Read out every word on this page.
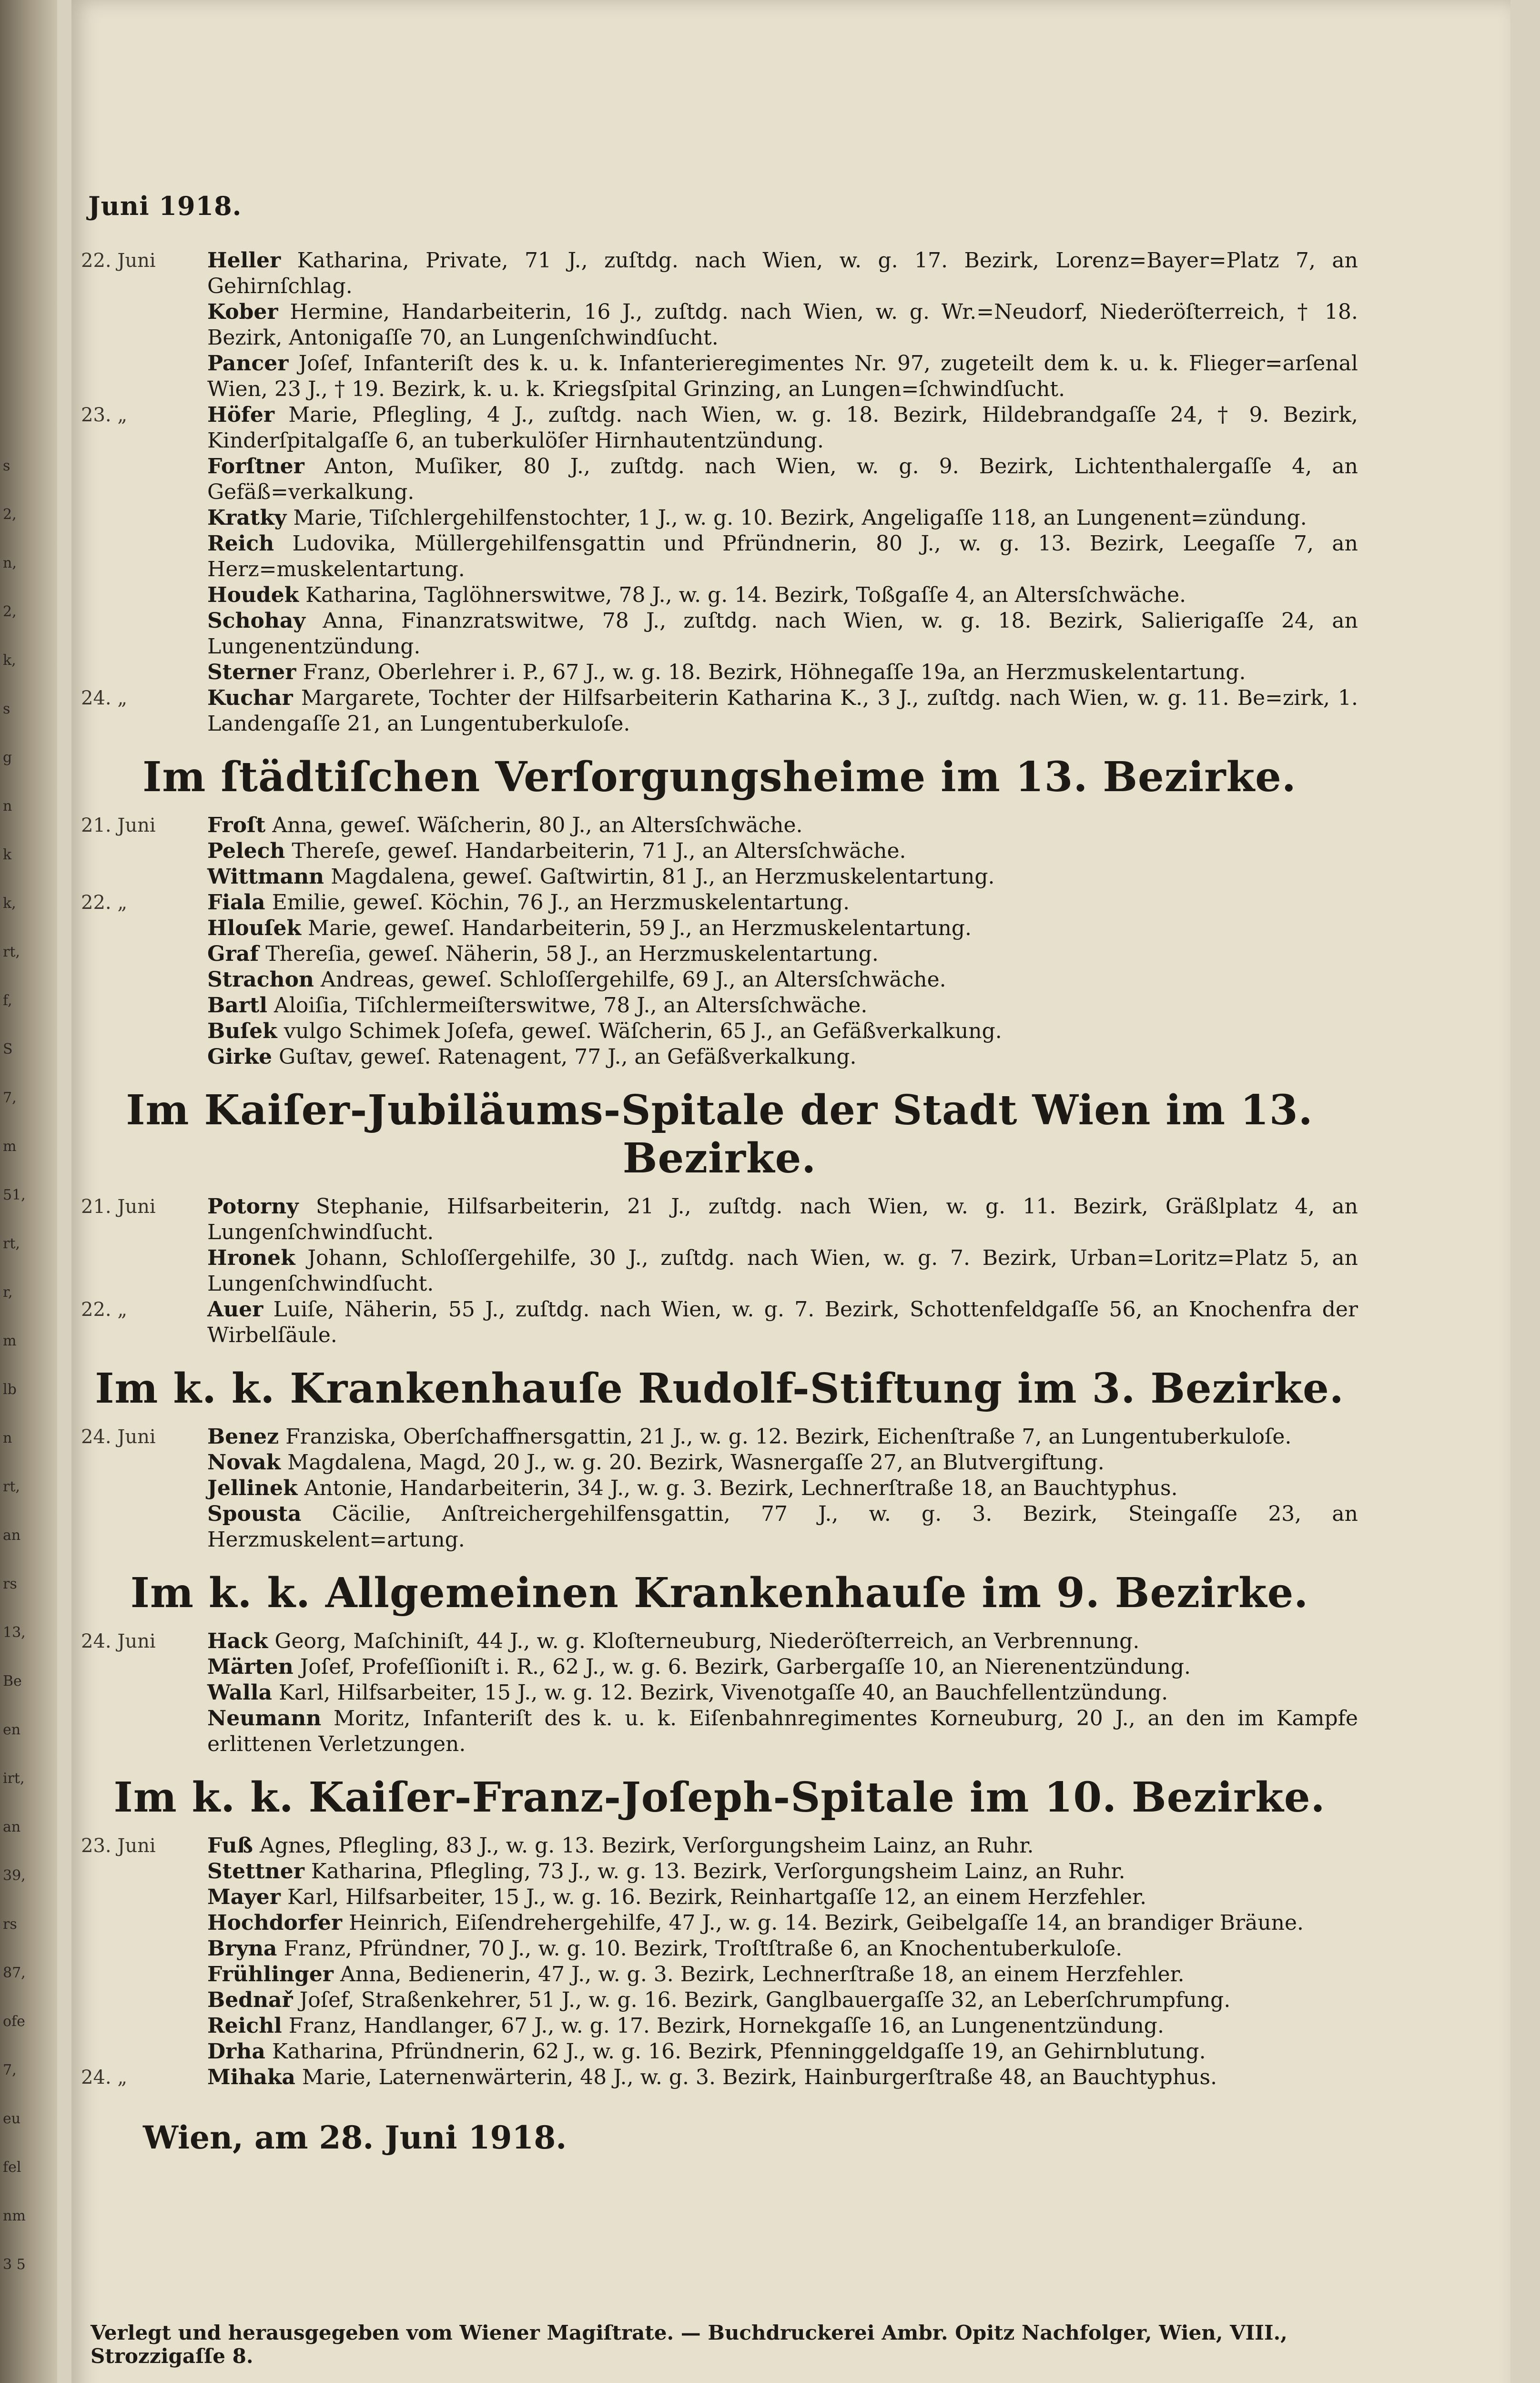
s
2,
n,
2,
k,
s
g
n
k
k,
rt,
f,
S
7,
m
51,
rt,
r,
m
lb
n
rt,
an
rs
13,
Be
en
irt,
an
39,
rs
87,
ofe
7,
eu
fel
nm
3 5
Juni 1918.
22. Juni	Heller Katharina, Private, 71 J., zuſtdg. nach Wien, w. g. 17. Bezirk, Lorenz=Bayer=Platz 7, an Gehirnſchlag.
Kober Hermine, Handarbeiterin, 16 J., zuſtdg. nach Wien, w. g. Wr.=Neudorf, Niederöſterreich, † 18. Bezirk, Antonigaſſe 70, an Lungenſchwindſucht.
Pancer Joſef, Infanteriſt des k. u. k. Infanterieregimentes Nr. 97, zugeteilt dem k. u. k. Flieger=arſenal Wien, 23 J., † 19. Bezirk, k. u. k. Kriegsſpital Grinzing, an Lungen=ſchwindſucht.
23. „	Höfer Marie, Pflegling, 4 J., zuſtdg. nach Wien, w. g. 18. Bezirk, Hildebrandgaſſe 24, † 9. Bezirk, Kinderſpitalgaſſe 6, an tuberkulöſer Hirnhautentzündung.
Forſtner Anton, Muſiker, 80 J., zuſtdg. nach Wien, w. g. 9. Bezirk, Lichtenthalergaſſe 4, an Gefäß=verkalkung.
Kratky Marie, Tiſchlergehilfenstochter, 1 J., w. g. 10. Bezirk, Angeligaſſe 118, an Lungenent=zündung.
Reich Ludovika, Müllergehilfensgattin und Pfründnerin, 80 J., w. g. 13. Bezirk, Leegaſſe 7, an Herz=muskelentartung.
Houdek Katharina, Taglöhnerswitwe, 78 J., w. g. 14. Bezirk, Toßgaſſe 4, an Altersſchwäche.
Schohay Anna, Finanzratswitwe, 78 J., zuſtdg. nach Wien, w. g. 18. Bezirk, Salierigaſſe 24, an Lungenentzündung.
Sterner Franz, Oberlehrer i. P., 67 J., w. g. 18. Bezirk, Höhnegaſſe 19a, an Herzmuskelentartung.
24. „	Kuchar Margarete, Tochter der Hilfsarbeiterin Katharina K., 3 J., zuſtdg. nach Wien, w. g. 11. Be=zirk, 1. Landengaſſe 21, an Lungentuberkuloſe.
Im ſtädtiſchen Verſorgungsheime im 13. Bezirke.
21. Juni	Froſt Anna, geweſ. Wäſcherin, 80 J., an Altersſchwäche.
Pelech Thereſe, geweſ. Handarbeiterin, 71 J., an Altersſchwäche.
Wittmann Magdalena, geweſ. Gaſtwirtin, 81 J., an Herzmuskelentartung.
22. „	Fiala Emilie, geweſ. Köchin, 76 J., an Herzmuskelentartung.
Hlouſek Marie, geweſ. Handarbeiterin, 59 J., an Herzmuskelentartung.
Graf Thereſia, geweſ. Näherin, 58 J., an Herzmuskelentartung.
Strachon Andreas, geweſ. Schloſſergehilfe, 69 J., an Altersſchwäche.
Bartl Aloiſia, Tiſchlermeiſterswitwe, 78 J., an Altersſchwäche.
Buſek vulgo Schimek Joſefa, geweſ. Wäſcherin, 65 J., an Gefäßverkalkung.
Girke Guſtav, geweſ. Ratenagent, 77 J., an Gefäßverkalkung.
Im Kaiſer-Jubiläums-Spitale der Stadt Wien im 13. Bezirke.
21. Juni	Potorny Stephanie, Hilfsarbeiterin, 21 J., zuſtdg. nach Wien, w. g. 11. Bezirk, Gräßlplatz 4, an Lungenſchwindſucht.
Hronek Johann, Schloſſergehilfe, 30 J., zuſtdg. nach Wien, w. g. 7. Bezirk, Urban=Loritz=Platz 5, an Lungenſchwindſucht.
22. „	Auer Luiſe, Näherin, 55 J., zuſtdg. nach Wien, w. g. 7. Bezirk, Schottenfeldgaſſe 56, an Knochenfra der Wirbelſäule.
Im k. k. Krankenhauſe Rudolf-Stiftung im 3. Bezirke.
24. Juni	Benez Franziska, Oberſchaffnersgattin, 21 J., w. g. 12. Bezirk, Eichenſtraße 7, an Lungentuberkuloſe.
Novak Magdalena, Magd, 20 J., w. g. 20. Bezirk, Wasnergaſſe 27, an Blutvergiftung.
Jellinek Antonie, Handarbeiterin, 34 J., w. g. 3. Bezirk, Lechnerſtraße 18, an Bauchtyphus.
Spousta Cäcilie, Anſtreichergehilfensgattin, 77 J., w. g. 3. Bezirk, Steingaſſe 23, an Herzmuskelent=artung.
Im k. k. Allgemeinen Krankenhauſe im 9. Bezirke.
24. Juni	Hack Georg, Maſchiniſt, 44 J., w. g. Kloſterneuburg, Niederöſterreich, an Verbrennung.
Märten Joſef, Profeſſioniſt i. R., 62 J., w. g. 6. Bezirk, Garbergaſſe 10, an Nierenentzündung.
Walla Karl, Hilfsarbeiter, 15 J., w. g. 12. Bezirk, Vivenotgaſſe 40, an Bauchfellentzündung.
Neumann Moritz, Infanteriſt des k. u. k. Eiſenbahnregimentes Korneuburg, 20 J., an den im Kampfe erlittenen Verletzungen.
Im k. k. Kaiſer-Franz-Joſeph-Spitale im 10. Bezirke.
23. Juni	Fuß Agnes, Pflegling, 83 J., w. g. 13. Bezirk, Verſorgungsheim Lainz, an Ruhr.
Stettner Katharina, Pflegling, 73 J., w. g. 13. Bezirk, Verſorgungsheim Lainz, an Ruhr.
Mayer Karl, Hilfsarbeiter, 15 J., w. g. 16. Bezirk, Reinhartgaſſe 12, an einem Herzfehler.
Hochdorfer Heinrich, Eiſendrehergehilfe, 47 J., w. g. 14. Bezirk, Geibelgaſſe 14, an brandiger Bräune.
Bryna Franz, Pfründner, 70 J., w. g. 10. Bezirk, Troſtſtraße 6, an Knochentuberkuloſe.
Frühlinger Anna, Bedienerin, 47 J., w. g. 3. Bezirk, Lechnerſtraße 18, an einem Herzfehler.
Bednař Joſef, Straßenkehrer, 51 J., w. g. 16. Bezirk, Ganglbauergaſſe 32, an Leberſchrumpfung.
Reichl Franz, Handlanger, 67 J., w. g. 17. Bezirk, Hornekgaſſe 16, an Lungenentzündung.
Drha Katharina, Pfründnerin, 62 J., w. g. 16. Bezirk, Pfenninggeldgaſſe 19, an Gehirnblutung.
24. „	Mihaka Marie, Laternenwärterin, 48 J., w. g. 3. Bezirk, Hainburgerſtraße 48, an Bauchtyphus.
Wien, am 28. Juni 1918.
Verlegt und herausgegeben vom Wiener Magiſtrate. — Buchdruckerei Ambr. Opitz Nachfolger, Wien, VIII., Strozzigaſſe 8.
